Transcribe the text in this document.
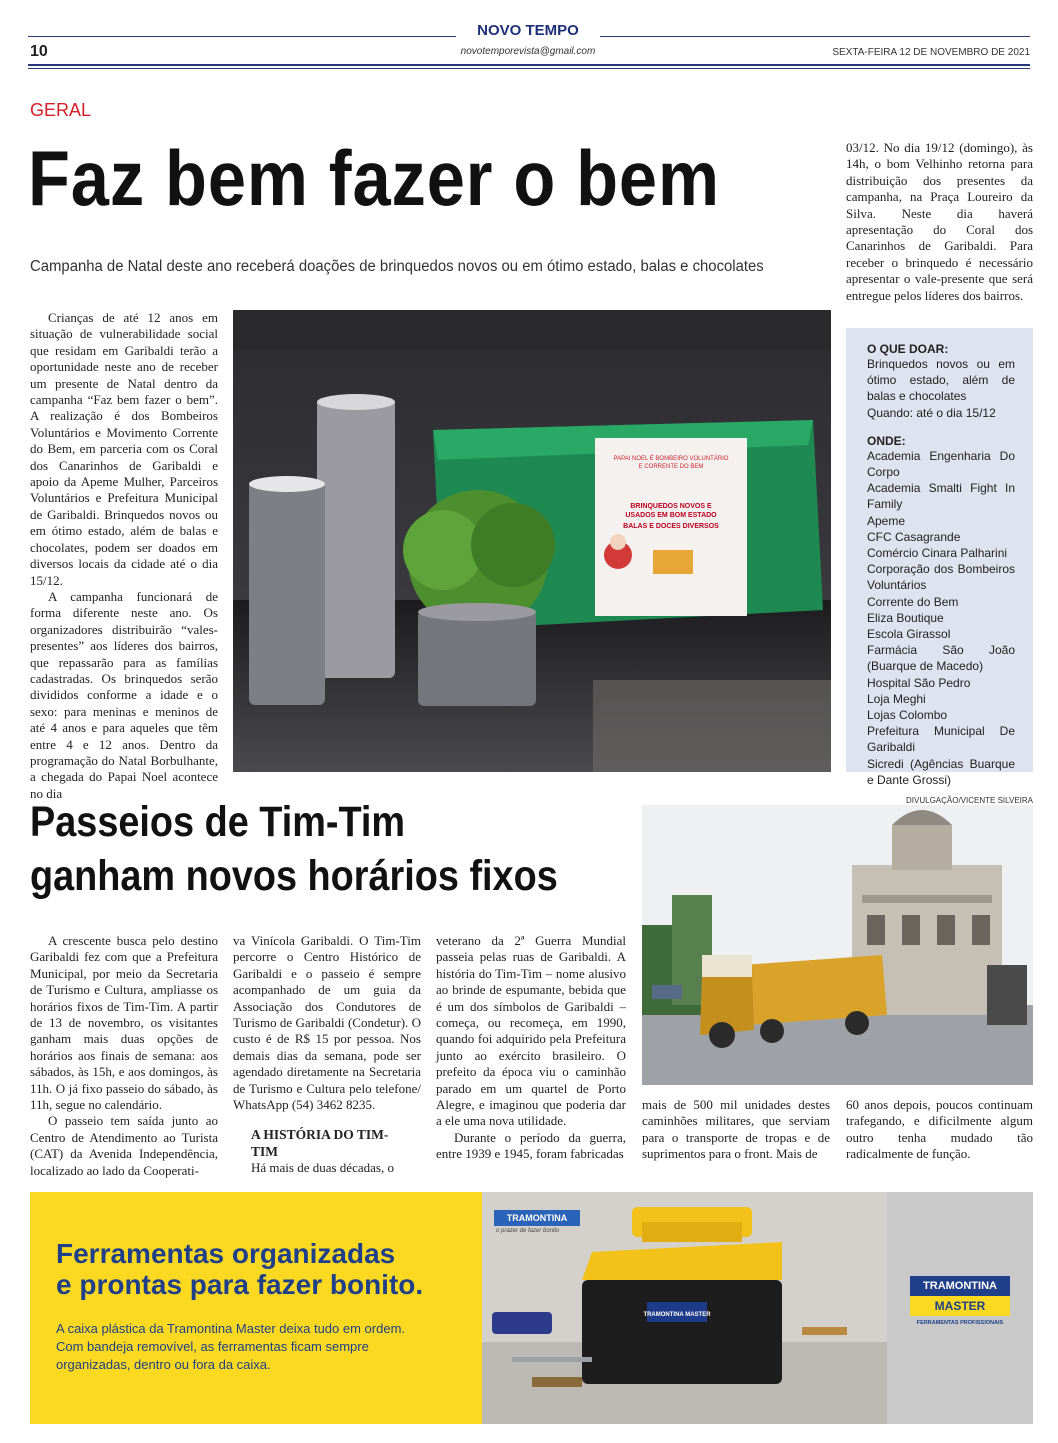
NOVO TEMPO
10	novotemporevista@gmail.com	SEXTA-FEIRA 12 DE NOVEMBRO DE 2021
GERAL
Faz bem fazer o bem
Campanha de Natal deste ano receberá doações de brinquedos novos ou em ótimo estado, balas e chocolates

Crianças de até 12 anos em situação de vulnerabilidade social que residam em Garibaldi terão a oportunidade neste ano de receber um presente de Natal dentro da campanha “Faz bem fazer o bem”. A realização é dos Bombeiros Voluntários e Movimento Corrente do Bem, em parceria com os Coral dos Canarinhos de Garibaldi e apoio da Apeme Mulher, Parceiros Voluntários e Prefeitura Municipal de Garibaldi. Brinquedos novos ou em ótimo estado, além de balas e chocolates, podem ser doados em diversos locais da cidade até o dia 15/12.

A campanha funcionará de forma diferente neste ano. Os organizadores distribuirão “vales-presentes” aos líderes dos bairros, que repassarão para as famílias cadastradas. Os brinquedos serão divididos conforme a idade e o sexo: para meninas e meninos de até 4 anos e para aqueles que têm entre 4 e 12 anos. Dentro da programação do Natal Borbulhante, a chegada do Papai Noel acontece no dia

03/12. No dia 19/12 (domingo), às 14h, o bom Velhinho retorna para distribuição dos presentes da campanha, na Praça Loureiro da Silva. Neste dia haverá apresentação do Coral dos Canarinhos de Garibaldi. Para receber o brinquedo é necessário apresentar o vale-presente que será entregue pelos líderes dos bairros.

PAPAI NOEL É BOMBEIRO VOLUNTÁRIO
E CORRENTE DO BEM
BRINQUEDOS NOVOS E
USADOS EM BOM ESTADO
BALAS E DOCES DIVERSOS

O QUE DOAR:

Brinquedos novos ou em ótimo estado, além de balas e chocolates

Quando: até o dia 15/12

ONDE:

Academia Engenharia Do Corpo

Academia Smalti Fight In Family

Apeme

CFC Casagrande

Comércio Cinara Palharini

Corporação dos Bombeiros Voluntários

Corrente do Bem

Eliza Boutique

Escola Girassol

Farmácia São João (Buarque de Macedo)

Hospital São Pedro

Loja Meghi

Lojas Colombo

Prefeitura Municipal De Garibaldi

Sicredi (Agências Buarque e Dante Grossi)

Passeios de Tim-Tim ganham novos horários fixos
DIVULGAÇÃO/VICENTE SILVEIRA

A crescente busca pelo destino Garibaldi fez com que a Prefeitura Municipal, por meio da Secretaria de Turismo e Cultura, ampliasse os horários fixos de Tim-Tim. A partir de 13 de novembro, os visitantes ganham mais duas opções de horários aos finais de semana: aos sábados, às 15h, e aos domingos, às 11h. O já fixo passeio do sábado, às 11h, segue no calendário.

O passeio tem saída junto ao Centro de Atendimento ao Turista (CAT) da Avenida Independência, localizado ao lado da Cooperati-

va Vinícola Garibaldi. O Tim-Tim percorre o Centro Histórico de Garibaldi e o passeio é sempre acompanhado de um guia da Associação dos Condutores de Turismo de Garibaldi (Condetur). O custo é de R$ 15 por pessoa. Nos demais dias da semana, pode ser agendado diretamente na Secretaria de Turismo e Cultura pelo telefone/ WhatsApp (54) 3462 8235.

A HISTÓRIA DO TIM-TIM

Há mais de duas décadas, o

veterano da 2ª Guerra Mundial passeia pelas ruas de Garibaldi. A história do Tim-Tim – nome alusivo ao brinde de espumante, bebida que é um dos símbolos de Garibaldi – começa, ou recomeça, em 1990, quando foi adquirido pela Prefeitura junto ao exército brasileiro. O prefeito da época viu o caminhão parado em um quartel de Porto Alegre, e imaginou que poderia dar a ele uma nova utilidade.

Durante o período da guerra, entre 1939 e 1945, foram fabricadas

mais de 500 mil unidades destes caminhões militares, que serviam para o transporte de tropas e de suprimentos para o front. Mais de

60 anos depois, poucos continuam trafegando, e dificilmente algum outro tenha mudado tão radicalmente de função.

Ferramentas organizadas
e prontas para fazer bonito.
A caixa plástica da Tramontina Master deixa tudo em ordem. Com bandeja removível, as ferramentas ficam sempre organizadas, dentro ou fora da caixa.
TRAMONTINA MASTER
TRAMONTINA
o prazer de fazer bonito
TRAMONTINA
MASTER
FERRAMENTAS PROFISSIONAIS
